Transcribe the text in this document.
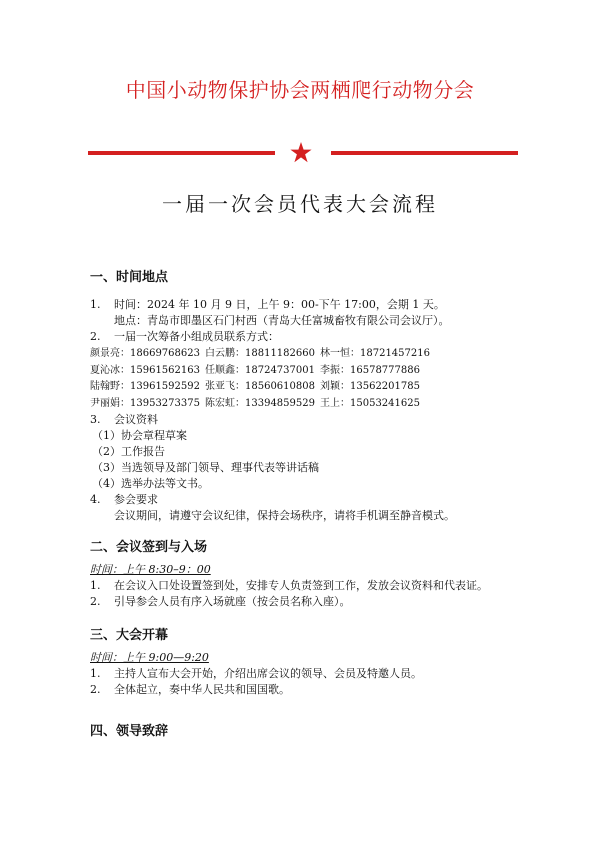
中国小动物保护协会两栖爬行动物分会
一届一次会员代表大会流程
一、时间地点
1.	时间：2024 年 10 月 9 日，上午 9：00-下午 17:00，会期 1 天。
地点：青岛市即墨区石门村西（青岛大任富城畜牧有限公司会议厅）。
2.	一届一次筹备小组成员联系方式：
颜景亮：18669768623 白云鹏：18811182660 林一恒：18721457216
夏沁冰：15961562163 任顺鑫：18724737001 李振：16578777886
陆翰野：13961592592 张亚飞：18560610808 刘颖：13562201785
尹丽娟：13953273375 陈宏虹：13394859529 王上：15053241625
3.	会议资料
（1）协会章程草案
（2）工作报告
（3）当选领导及部门领导、理事代表等讲话稿
（4）选举办法等文书。
4.	参会要求
会议期间，请遵守会议纪律，保持会场秩序，请将手机调至静音模式。
二、会议签到与入场
时间：上午 8:30–9：00
1.	在会议入口处设置签到处，安排专人负责签到工作，发放会议资料和代表证。
2.	引导参会人员有序入场就座（按会员名称入座）。
三、大会开幕
时间：上午 9:00—9:20
1.	主持人宣布大会开始，介绍出席会议的领导、会员及特邀人员。
2.	全体起立，奏中华人民共和国国歌。
四、领导致辞
